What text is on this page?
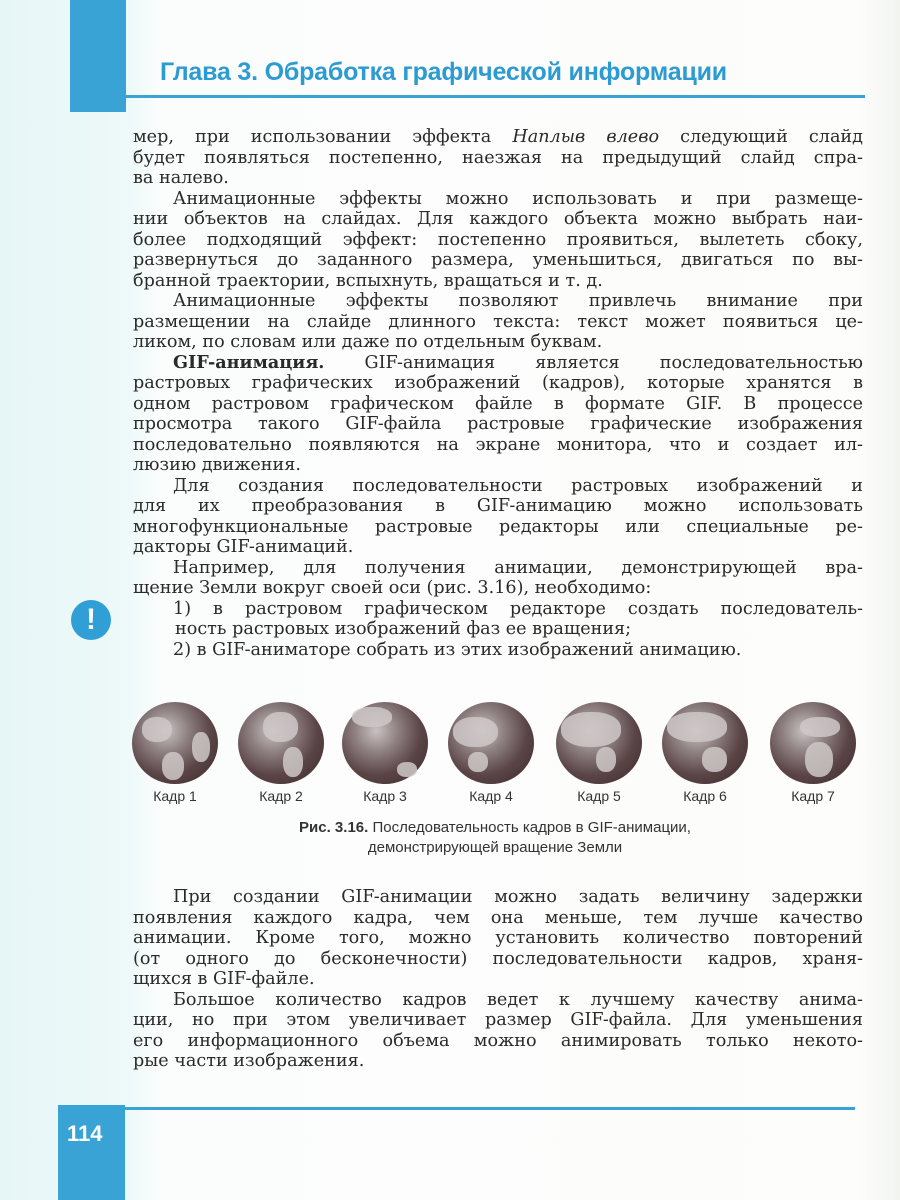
Глава 3. Обработка графической информации
мер, при использовании эффекта Наплыв влево следующий слайд
будет появляться постепенно, наезжая на предыдущий слайд спра-
ва налево.
Анимационные эффекты можно использовать и при размеще-
нии объектов на слайдах. Для каждого объекта можно выбрать наи-
более подходящий эффект: постепенно проявиться, вылететь сбоку,
развернуться до заданного размера, уменьшиться, двигаться по вы-
бранной траектории, вспыхнуть, вращаться и т. д.
Анимационные эффекты позволяют привлечь внимание при
размещении на слайде длинного текста: текст может появиться це-
ликом, по словам или даже по отдельным буквам.
GIF-анимация. GIF-анимация является последовательностью
растровых графических изображений (кадров), которые хранятся в
одном растровом графическом файле в формате GIF. В процессе
просмотра такого GIF-файла растровые графические изображения
последовательно появляются на экране монитора, что и создает ил-
люзию движения.
Для создания последовательности растровых изображений и
для их преобразования в GIF-анимацию можно использовать
многофункциональные растровые редакторы или специальные ре-
дакторы GIF-анимаций.
Например, для получения анимации, демонстрирующей вра-
щение Земли вокруг своей оси (рис. 3.16), необходимо:
1) в растровом графическом редакторе создать последователь-
ность растровых изображений фаз ее вращения;
2) в GIF-аниматоре собрать из этих изображений анимацию.
!
Кадр 1	Кадр 2	Кадр 3	Кадр 4	Кадр 5	Кадр 6	Кадр 7
Рис. 3.16. Последовательность кадров в GIF-анимации,
демонстрирующей вращение Земли
При создании GIF-анимации можно задать величину задержки
появления каждого кадра, чем она меньше, тем лучше качество
анимации. Кроме того, можно установить количество повторений
(от одного до бесконечности) последовательности кадров, храня-
щихся в GIF-файле.
Большое количество кадров ведет к лучшему качеству анима-
ции, но при этом увеличивает размер GIF-файла. Для уменьшения
его информационного объема можно анимировать только некото-
рые части изображения.
114
